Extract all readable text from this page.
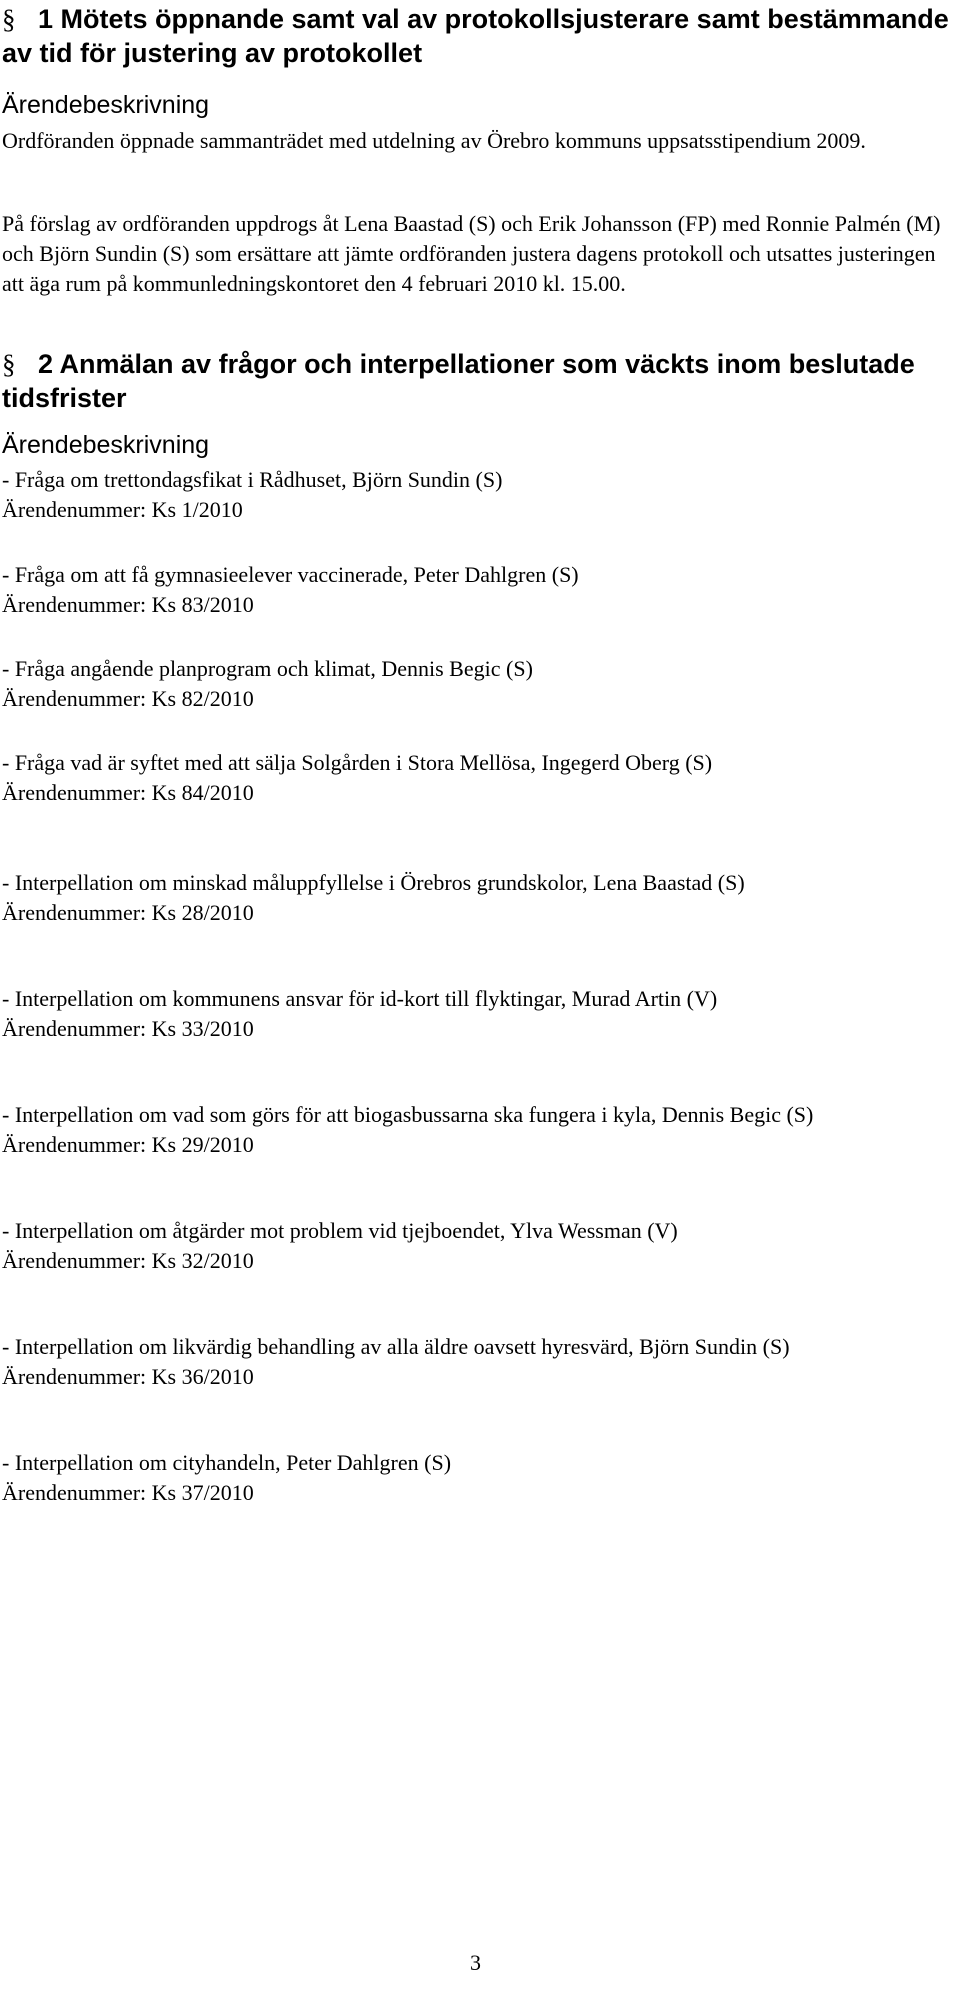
§ 1 Mötets öppnande samt val av protokollsjusterare samt bestämmande av tid för justering av protokollet
Ärendebeskrivning

Ordföranden öppnade sammanträdet med utdelning av Örebro kommuns uppsatsstipendium 2009.

På förslag av ordföranden uppdrogs åt Lena Baastad (S) och Erik Johansson (FP) med Ronnie Palmén (M) och Björn Sundin (S) som ersättare att jämte ordföranden justera dagens protokoll och utsattes justeringen att äga rum på kommunledningskontoret den 4 februari 2010 kl. 15.00.

§ 2 Anmälan av frågor och interpellationer som väckts inom beslutade tidsfrister
Ärendebeskrivning
- Fråga om trettondagsfikat i Rådhuset, Björn Sundin (S)
Ärendenummer: Ks 1/2010
- Fråga om att få gymnasieelever vaccinerade, Peter Dahlgren (S)
Ärendenummer: Ks 83/2010
- Fråga angående planprogram och klimat, Dennis Begic (S)
Ärendenummer: Ks 82/2010
- Fråga vad är syftet med att sälja Solgården i Stora Mellösa, Ingegerd Oberg (S)
Ärendenummer: Ks 84/2010
- Interpellation om minskad måluppfyllelse i Örebros grundskolor, Lena Baastad (S)
Ärendenummer: Ks 28/2010
- Interpellation om kommunens ansvar för id-kort till flyktingar, Murad Artin (V)
Ärendenummer: Ks 33/2010
- Interpellation om vad som görs för att biogasbussarna ska fungera i kyla, Dennis Begic (S)
Ärendenummer: Ks 29/2010
- Interpellation om åtgärder mot problem vid tjejboendet, Ylva Wessman (V)
Ärendenummer: Ks 32/2010
- Interpellation om likvärdig behandling av alla äldre oavsett hyresvärd, Björn Sundin (S)
Ärendenummer: Ks 36/2010
- Interpellation om cityhandeln, Peter Dahlgren (S)
Ärendenummer: Ks 37/2010
3
